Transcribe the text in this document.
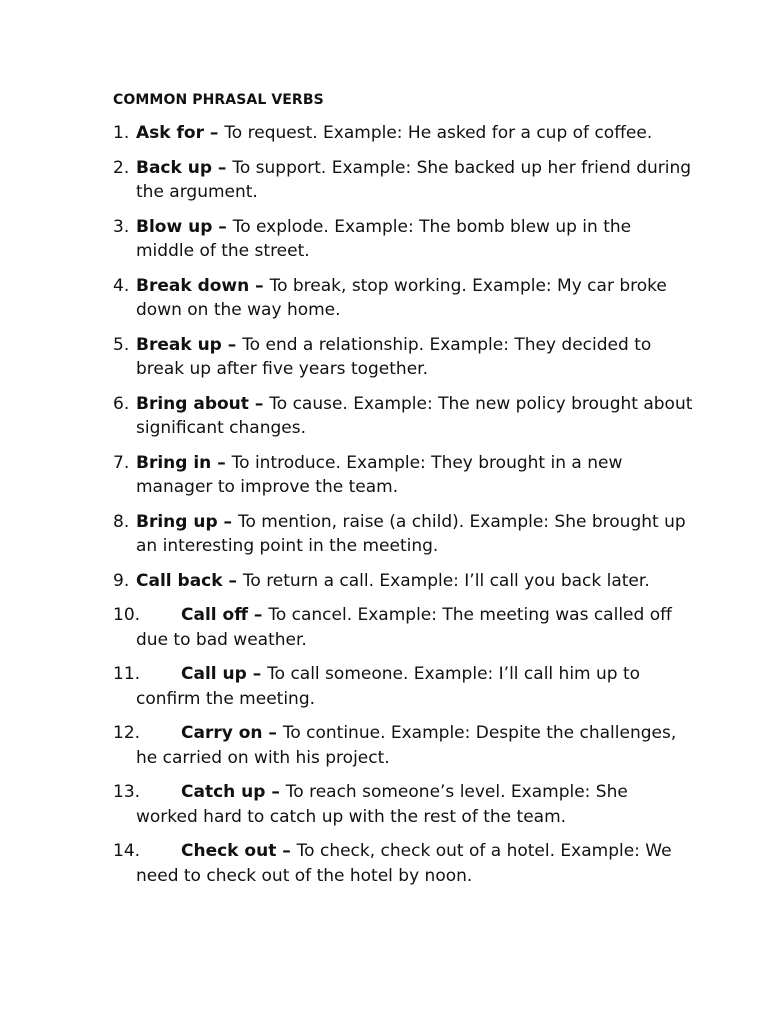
COMMON PHRASAL VERBS
1. Ask for – To request. Example: He asked for a cup of coffee.
2. Back up – To support. Example: She backed up her friend during the argument.
3. Blow up – To explode. Example: The bomb blew up in the middle of the street.
4. Break down – To break, stop working. Example: My car broke down on the way home.
5. Break up – To end a relationship. Example: They decided to break up after five years together.
6. Bring about – To cause. Example: The new policy brought about significant changes.
7. Bring in – To introduce. Example: They brought in a new manager to improve the team.
8. Bring up – To mention, raise (a child). Example: She brought up an interesting point in the meeting.
9. Call back – To return a call. Example: I’ll call you back later.
10. Call off – To cancel. Example: The meeting was called off due to bad weather.
11. Call up – To call someone. Example: I’ll call him up to confirm the meeting.
12. Carry on – To continue. Example: Despite the challenges, he carried on with his project.
13. Catch up – To reach someone’s level. Example: She worked hard to catch up with the rest of the team.
14. Check out – To check, check out of a hotel. Example: We need to check out of the hotel by noon.
